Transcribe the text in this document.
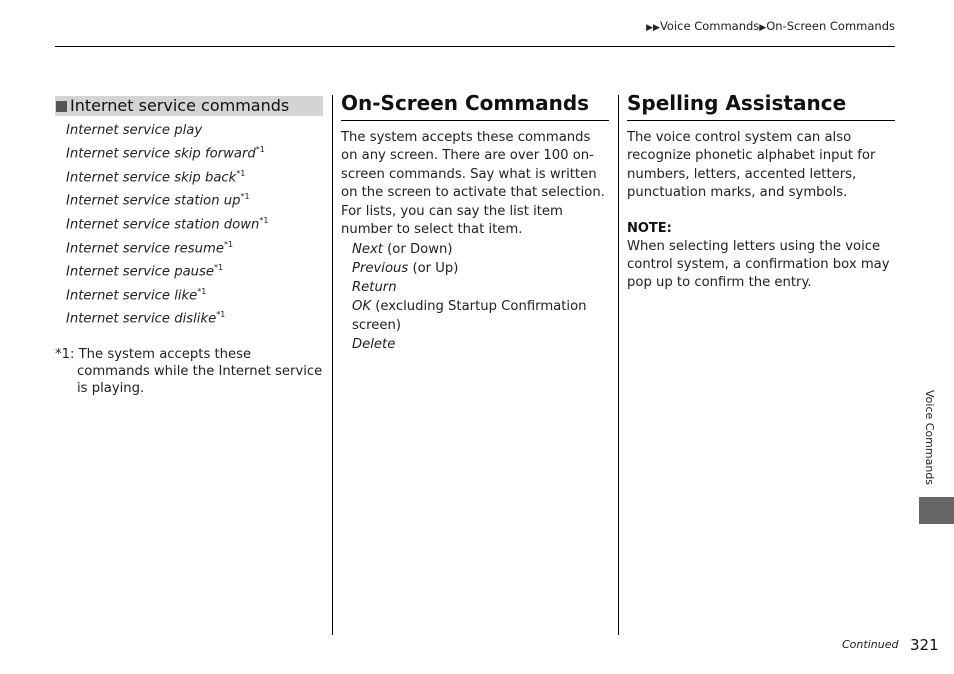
▶▶Voice Commands▶On-Screen Commands
Internet service commands
Internet service play
Internet service skip forward$^{*1}$
Internet service skip back$^{*1}$
Internet service station $up^{*1}$
Internet service station down$^{*1}$
Internet service resume$^{*1}$
Internet service pause$^{*1}$
Internet service like$^{*1}$
Internet service dislike$^{*1}$
*1: The system accepts these commands while the Internet service is playing.
On-Screen Commands

The system accepts these commands on any screen. There are over 100 on-screen commands. Say what is written on the screen to activate that selection. For lists, you can say the list item number to select that item.

Next (or Down)
Previous (or Up)
Return
OK (excluding Startup Confirmation screen)
Delete
Spelling Assistance

The voice control system can also recognize phonetic alphabet input for numbers, letters, accented letters, punctuation marks, and symbols.

NOTE:
When selecting letters using the voice control system, a confirmation box may pop up to confirm the entry.
Voice Commands
Continued 321
